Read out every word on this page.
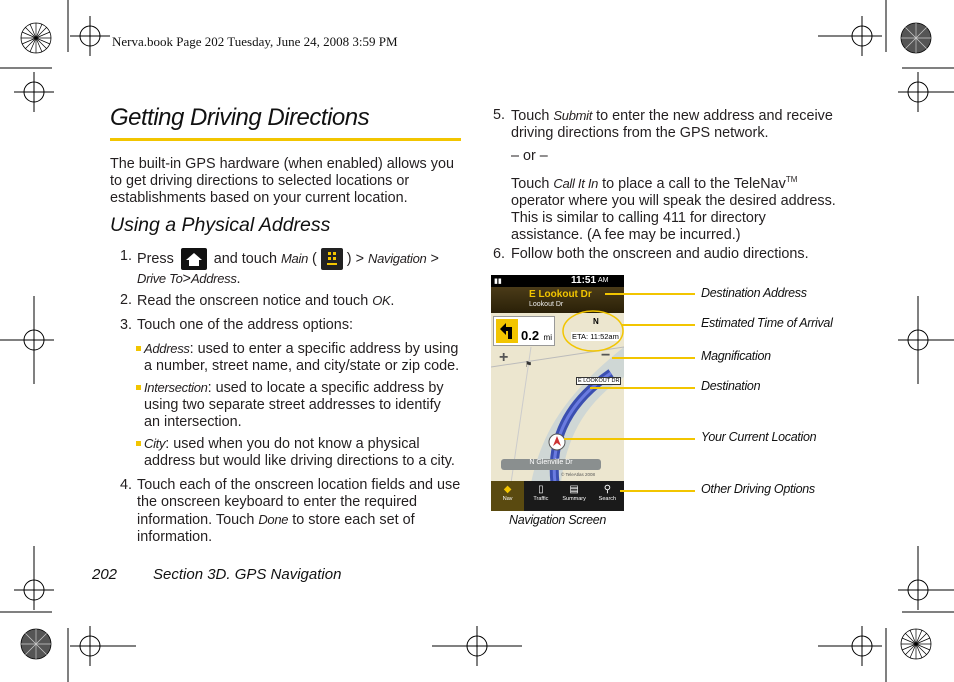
Nerva.book Page 202 Tuesday, June 24, 2008 3:59 PM
Getting Driving Directions
The built-in GPS hardware (when enabled) allows you to get driving directions to selected locations or establishments based on your current location.
Using a Physical Address
1. Press	and touch Main ( ) > Navigation >
Drive To>Address.
2. Read the onscreen notice and touch OK.
3. Touch one of the address options:
Address: used to enter a specific address by using a number, street name, and city/state or zip code.
Intersection: used to locate a specific address by using two separate street addresses to identify an intersection.
City: used when you do not know a physical address but would like driving directions to a city.
4. Touch each of the onscreen location fields and use the onscreen keyboard to enter the required information. Touch Done to store each set of information.
5. Touch Submit to enter the new address and receive driving directions from the GPS network.
– or –
Touch Call It In to place a call to the TeleNav™ operator where you will speak the desired address. This is similar to calling 411 for directory assistance. (A fee may be incurred.)
6. Follow both the onscreen and audio directions.
▮▮	11:51 AM
⚑
E Lookout Dr
Lookout Dr
0.2 mi
N
ETA: 11:52am
+	−
E LOOKOUT DR
N Glenville Dr
© TeleAtlas 2008
◆
Nav
▯
Traffic
▤
Summary
⚲
Search
Destination Address
Estimated Time of Arrival
Magnification
Destination
Your Current Location
Other Driving Options
Navigation Screen
202 Section 3D. GPS Navigation
